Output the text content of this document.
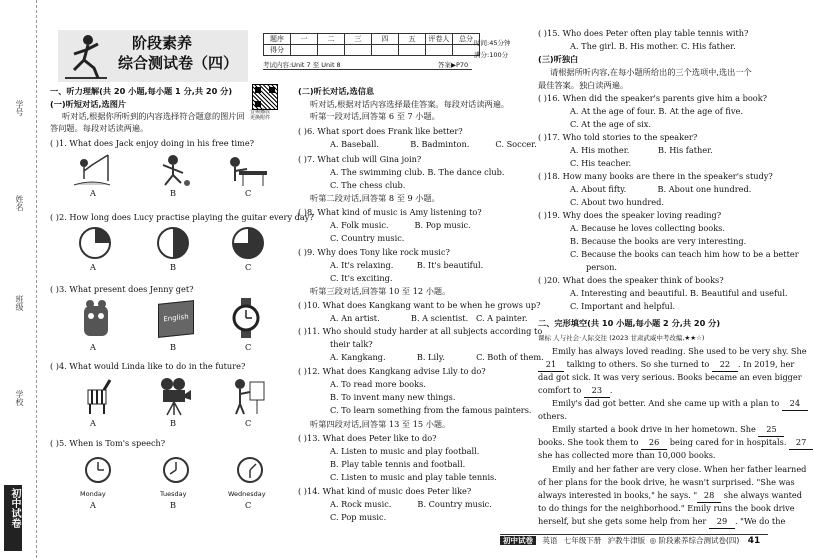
学号
姓名
班级
学校
初中试卷
阶段素养
综合测试卷（四）
题序	一	二	三	四	五	评卷人	总分
得分							
时间:45分钟
满分:100分
考试内容:Unit 7 至 Unit 8	答案▶P70
一、听力理解(共 20 小题,每小题 1 分,共 20 分)
音频播放
更换附件
(一)听短对话,选图片
听对话,根据你所听到的内容选择符合题意的图片回
答问题。每段对话读两遍。
( )1. What does Jack enjoy doing in his free time?
A	B	C
( )2. How long does Lucy practise playing the guitar every day?
A	B	C
( )3. What present does Jenny get?
English
A	B	C
( )4. What would Linda like to do in the future?
A	B	C
( )5. When is Tom's speech?
Monday	Tuesday	Wednesday
A	B	C
(二)听长对话,选信息
听对话,根据对话内容选择最佳答案。每段对话读两遍。
听第一段对话,回答第 6 至 7 小题。
( )6. What sport does Frank like better?
A. Baseball.            B. Badminton.          C. Soccer.
( )7. What club will Gina join?
A. The swimming club. B. The dance club.
C. The chess club.
听第二段对话,回答第 8 至 9 小题。
( )8. What kind of music is Amy listening to?
A. Folk music.          B. Pop music.
C. Country music.
( )9. Why does Tony like rock music?
A. It's relaxing.         B. It's beautiful.
C. It's exciting.
听第三段对话,回答第 10 至 12 小题。
( )10. What does Kangkang want to be when he grows up?
A. An artist.            B. A scientist.   C. A painter.
( )11. Who should study harder at all subjects according to
their talk?
A. Kangkang.            B. Lily.            C. Both of them.
( )12. What does Kangkang advise Lily to do?
A. To read more books.
B. To invent many new things.
C. To learn something from the famous painters.
听第四段对话,回答第 13 至 15 小题。
( )13. What does Peter like to do?
A. Listen to music and play football.
B. Play table tennis and football.
C. Listen to music and play table tennis.
( )14. What kind of music does Peter like?
A. Rock music.          B. Country music.
C. Pop music.
( )15. Who does Peter often play table tennis with?
A. The girl. B. His mother. C. His father.
(三)听独白
请根据所听内容,在每小题所给出的三个选项中,选出一个
最佳答案。独白读两遍。
( )16. When did the speaker's parents give him a book?
A. At the age of four. B. At the age of five.
C. At the age of six.
( )17. Who told stories to the speaker?
A. His mother.           B. His father.
C. His teacher.
( )18. How many books are there in the speaker's study?
A. About fifty.            B. About one hundred.
C. About two hundred.
( )19. Why does the speaker loving reading?
A. Because he loves collecting books.
B. Because the books are very interesting.
C. Because the books can teach him how to be a better
person.
( )20. What does the speaker think of books?
A. Interesting and beautiful. B. Beautiful and useful.
C. Important and helpful.
二、完形填空(共 10 小题,每小题 2 分,共 20 分)
课标 人与社会·人际交往 (2023 甘肃武威中考改编,★★☆)
Emily has always loved reading. She used to be very shy. She
21 talking to others. So she turned to 22 . In 2019, her
dad got sick. It was very serious. Books became an even bigger
comfort to 23 .
Emily's dad got better. And she came up with a plan to 24
others.
Emily started a book drive in her hometown. She 25
books. She took them to 26 being cared for in hospitals. 27
she has collected more than 10,000 books.
Emily and her father are very close. When her father learned
of her plans for the book drive, he wasn't surprised. "She was
always interested in books," he says. " 28 she always wanted
to do things for the neighborhood." Emily runs the book drive
herself, but she gets some help from her 29 . "We do the
初中试卷 英语 七年级下册 沪教牛津版 ◎ 阶段素养综合测试卷(四) 41
